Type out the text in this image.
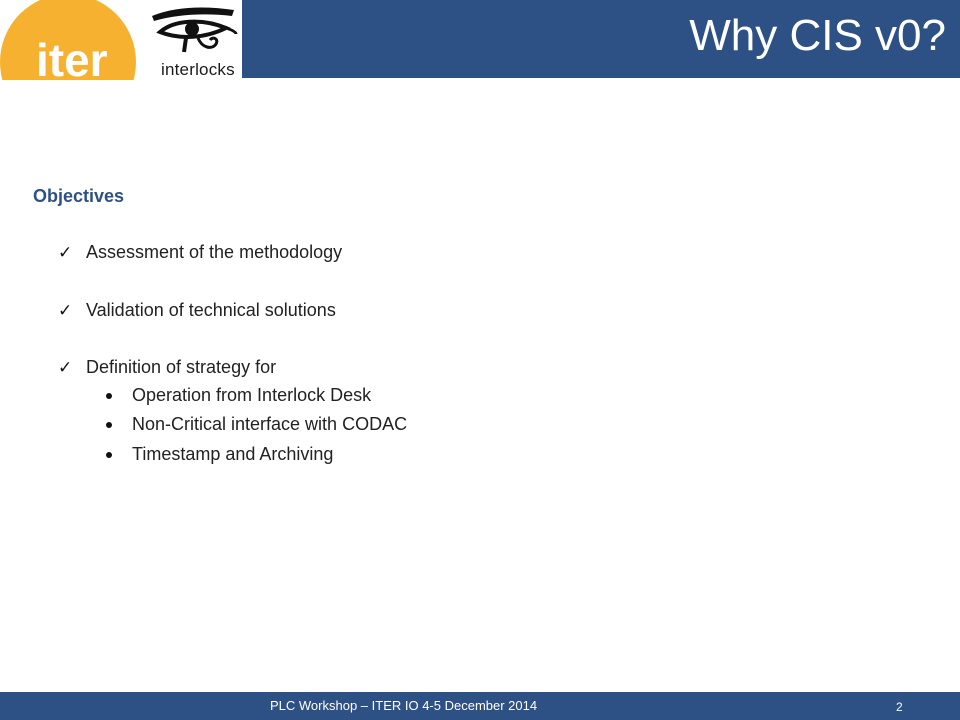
Why CIS v0?
iter	interlocks
Objectives
✓ Assessment of the methodology
✓ Validation of technical solutions
✓ Definition of strategy for
Operation from Interlock Desk
Non-Critical interface with CODAC
Timestamp and Archiving
PLC Workshop – ITER IO 4-5 December 2014	2
